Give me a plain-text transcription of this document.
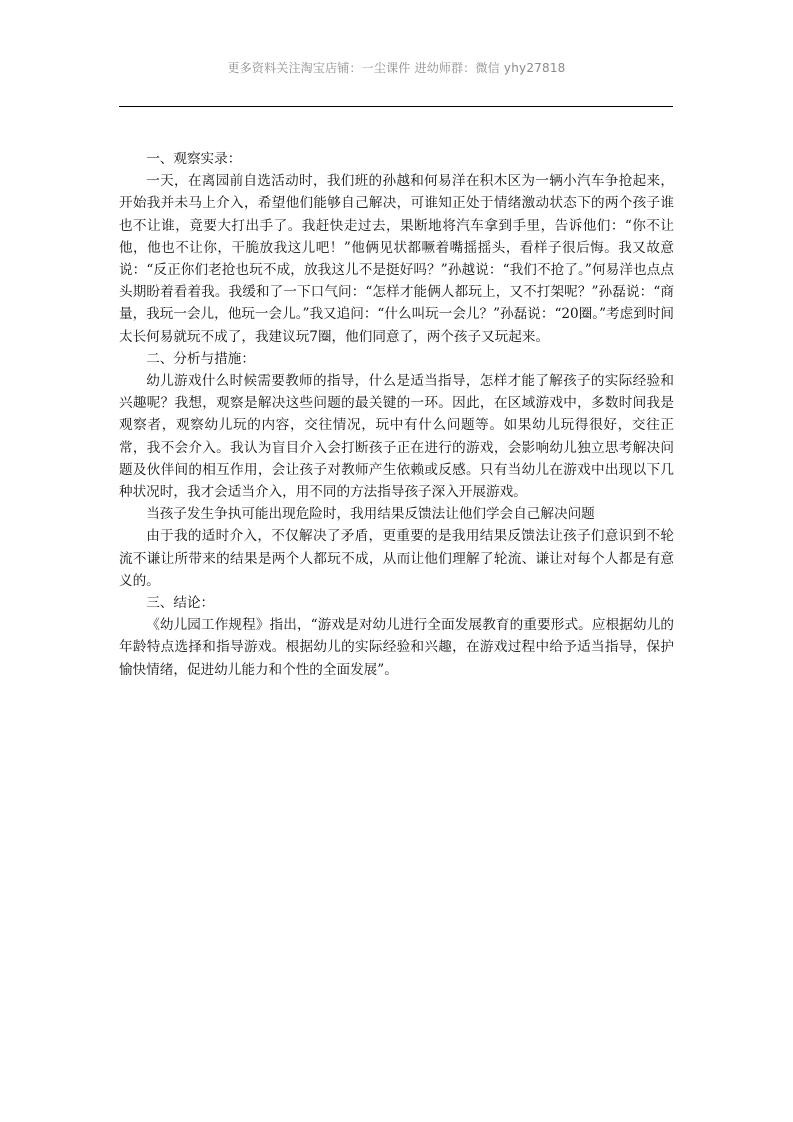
更多资料关注淘宝店铺：一尘课件 进幼师群：微信 yhy27818

一、观察实录：

一天，在离园前自选活动时，我们班的孙越和何易洋在积木区为一辆小汽车争抢起来，开始我并未马上介入，希望他们能够自己解决，可谁知正处于情绪激动状态下的两个孩子谁也不让谁，竟要大打出手了。我赶快走过去，果断地将汽车拿到手里，告诉他们：“你不让他，他也不让你，干脆放我这儿吧！”他俩见状都噘着嘴摇摇头，看样子很后悔。我又故意说：“反正你们老抢也玩不成，放我这儿不是挺好吗？”孙越说：“我们不抢了。”何易洋也点点头期盼着看着我。我缓和了一下口气问：“怎样才能俩人都玩上，又不打架呢？”孙磊说：“商量，我玩一会儿，他玩一会儿。”我又追问：“什么叫玩一会儿？”孙磊说：“20圈。”考虑到时间太长何易就玩不成了，我建议玩7圈，他们同意了，两个孩子又玩起来。

二、分析与措施：

幼儿游戏什么时候需要教师的指导，什么是适当指导，怎样才能了解孩子的实际经验和兴趣呢？我想，观察是解决这些问题的最关键的一环。因此，在区域游戏中，多数时间我是观察者，观察幼儿玩的内容，交往情况，玩中有什么问题等。如果幼儿玩得很好，交往正常，我不会介入。我认为盲目介入会打断孩子正在进行的游戏，会影响幼儿独立思考解决问题及伙伴间的相互作用，会让孩子对教师产生依赖或反感。只有当幼儿在游戏中出现以下几种状况时，我才会适当介入，用不同的方法指导孩子深入开展游戏。

当孩子发生争执可能出现危险时，我用结果反馈法让他们学会自己解决问题

由于我的适时介入，不仅解决了矛盾，更重要的是我用结果反馈法让孩子们意识到不轮流不谦让所带来的结果是两个人都玩不成，从而让他们理解了轮流、谦让对每个人都是有意义的。

三、结论：

《幼儿园工作规程》指出，“游戏是对幼儿进行全面发展教育的重要形式。应根据幼儿的年龄特点选择和指导游戏。根据幼儿的实际经验和兴趣，在游戏过程中给予适当指导，保护愉快情绪，促进幼儿能力和个性的全面发展”。
